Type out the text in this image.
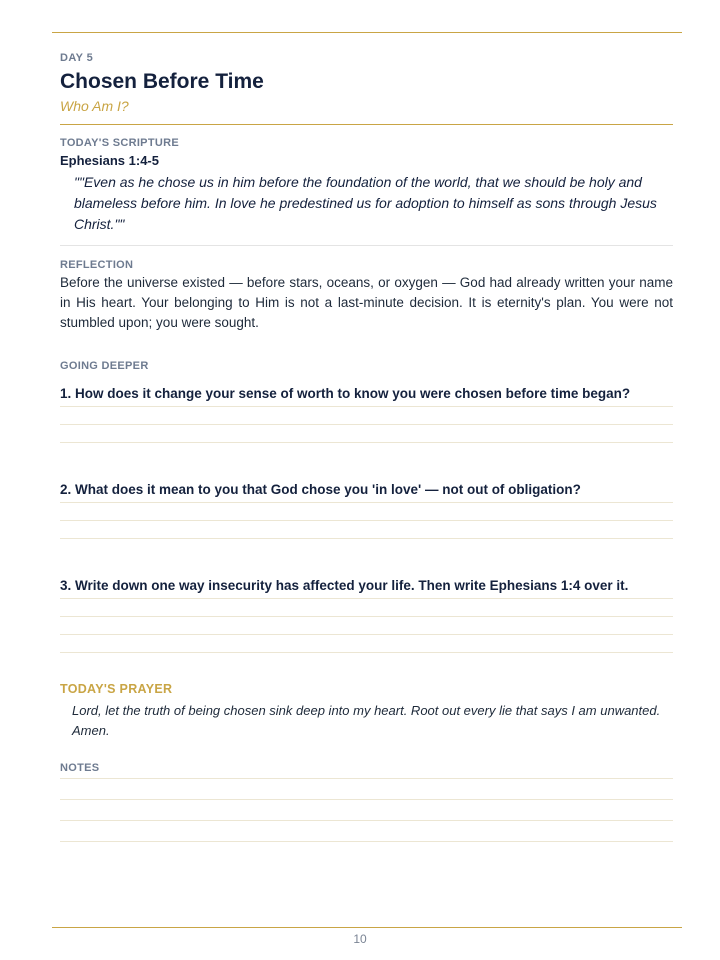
DAY 5
Chosen Before Time
Who Am I?
TODAY'S SCRIPTURE
Ephesians 1:4-5
""Even as he chose us in him before the foundation of the world, that we should be holy and blameless before him. In love he predestined us for adoption to himself as sons through Jesus Christ.""
REFLECTION
Before the universe existed — before stars, oceans, or oxygen — God had already written your name in His heart. Your belonging to Him is not a last-minute decision. It is eternity's plan. You were not stumbled upon; you were sought.
GOING DEEPER
1. How does it change your sense of worth to know you were chosen before time began?
2. What does it mean to you that God chose you 'in love' — not out of obligation?
3. Write down one way insecurity has affected your life. Then write Ephesians 1:4 over it.
TODAY'S PRAYER
Lord, let the truth of being chosen sink deep into my heart. Root out every lie that says I am unwanted. Amen.
NOTES
10
